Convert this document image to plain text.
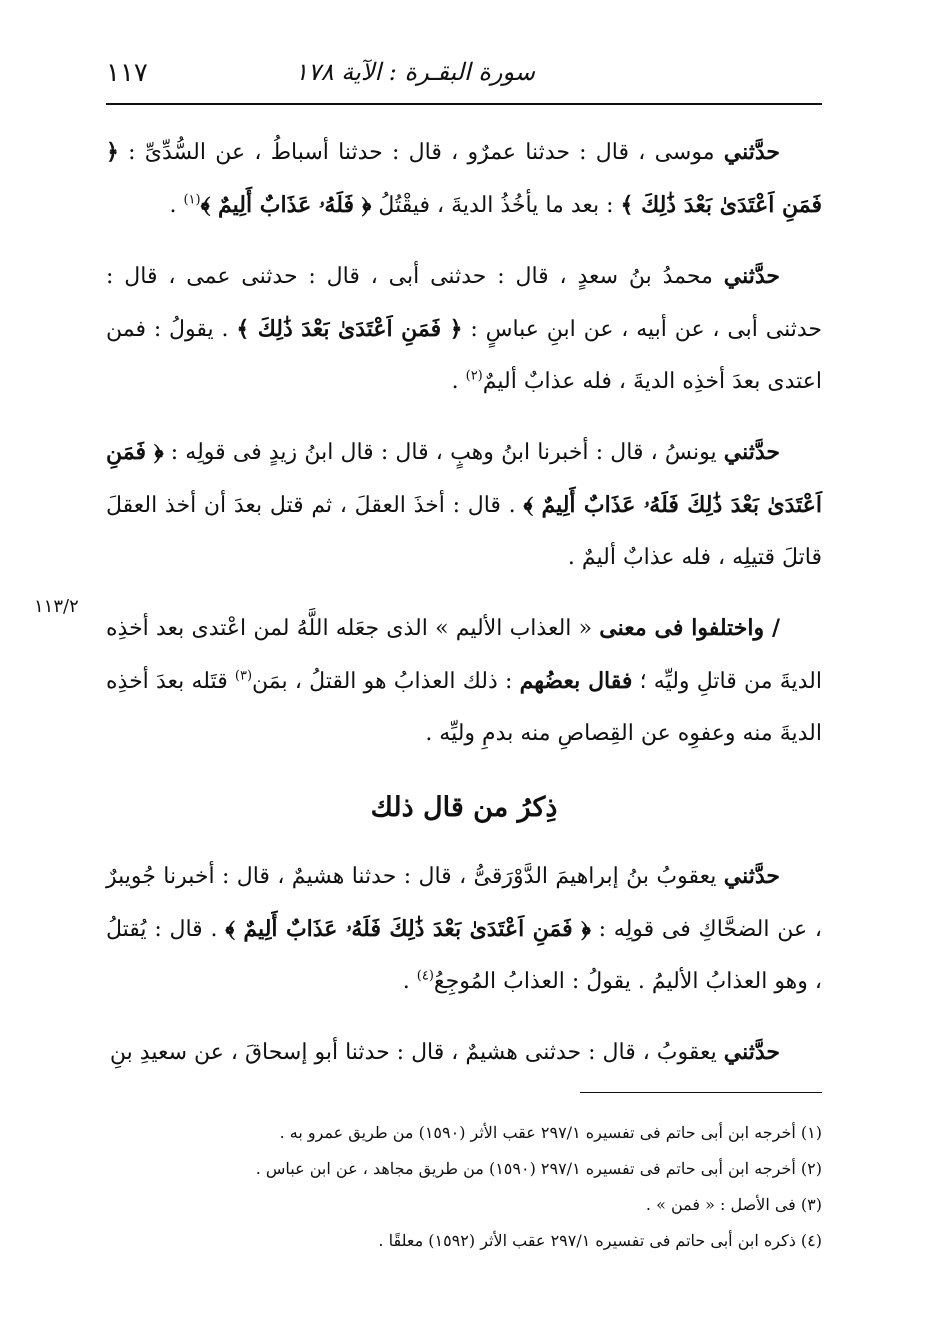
١١٧	سورة البقـرة : الآية ١٧٨
١١٣/٢

حدَّثني موسى ، قال : حدثنا عمرٌو ، قال : حدثنا أسباطُ ، عن السُّدِّىِّ : ﴿ فَمَنِ اَعْتَدَىٰ بَعْدَ ذَٰلِكَ ﴾ : بعد ما يأخُذُ الديةَ ، فيقْتُلُ ﴿ فَلَهُۥ عَذَابٌ أَلِيمٌ ﴾$^{(١)}$ .

حدَّثني محمدُ بنُ سعدٍ ، قال : حدثنى أبى ، قال : حدثنى عمى ، قال : حدثنى أبى ، عن أبيه ، عن ابنِ عباسٍ : ﴿ فَمَنِ اَعْتَدَىٰ بَعْدَ ذَٰلِكَ ﴾ . يقولُ : فمن اعتدى بعدَ أخذِه الديةَ ، فله عذابٌ أليمٌ$^{(٢)}$ .

حدَّثني يونسُ ، قال : أخبرنا ابنُ وهبٍ ، قال : قال ابنُ زيدٍ فى قولِه : ﴿ فَمَنِ اَعْتَدَىٰ بَعْدَ ذَٰلِكَ فَلَهُۥ عَذَابٌ أَلِيمٌ ﴾ . قال : أخذَ العقلَ ، ثم قتل بعدَ أن أخذ العقلَ قاتلَ قتيلِه ، فله عذابٌ أليمٌ .

/ واختلفوا فى معنى « العذاب الأليم » الذى جعَله اللَّهُ لمن اعْتدى بعد أخذِه الديةَ من قاتلِ وليِّه ؛ فقال بعضُهم : ذلك العذابُ هو القتلُ ، بمَن$^{(٣)}$ قتَله بعدَ أخذِه الديةَ منه وعفوِه عن القِصاصِ منه بدمِ وليِّه .

ذِكرُ من قال ذلك

حدَّثني يعقوبُ بنُ إبراهيمَ الدَّوْرَقىُّ ، قال : حدثنا هشيمٌ ، قال : أخبرنا جُويبرٌ ، عن الضحَّاكِ فى قولِه : ﴿ فَمَنِ اَعْتَدَىٰ بَعْدَ ذَٰلِكَ فَلَهُۥ عَذَابٌ أَلِيمٌ ﴾ . قال : يُقتلُ ، وهو العذابُ الأليمُ . يقولُ : العذابُ المُوجِعُ$^{(٤)}$ .

حدَّثني يعقوبُ ، قال : حدثنى هشيمٌ ، قال : حدثنا أبو إسحاقَ ، عن سعيدِ بنِ

(١) أخرجه ابن أبى حاتم فى تفسيره ٢٩٧/١ عقب الأثر (١٥٩٠) من طريق عمرو به .

(٢) أخرجه ابن أبى حاتم فى تفسيره ٢٩٧/١ (١٥٩٠) من طريق مجاهد ، عن ابن عباس .

(٣) فى الأصل : « فمن » .

(٤) ذكره ابن أبى حاتم فى تفسيره ٢٩٧/١ عقب الأثر (١٥٩٢) معلقًا .
